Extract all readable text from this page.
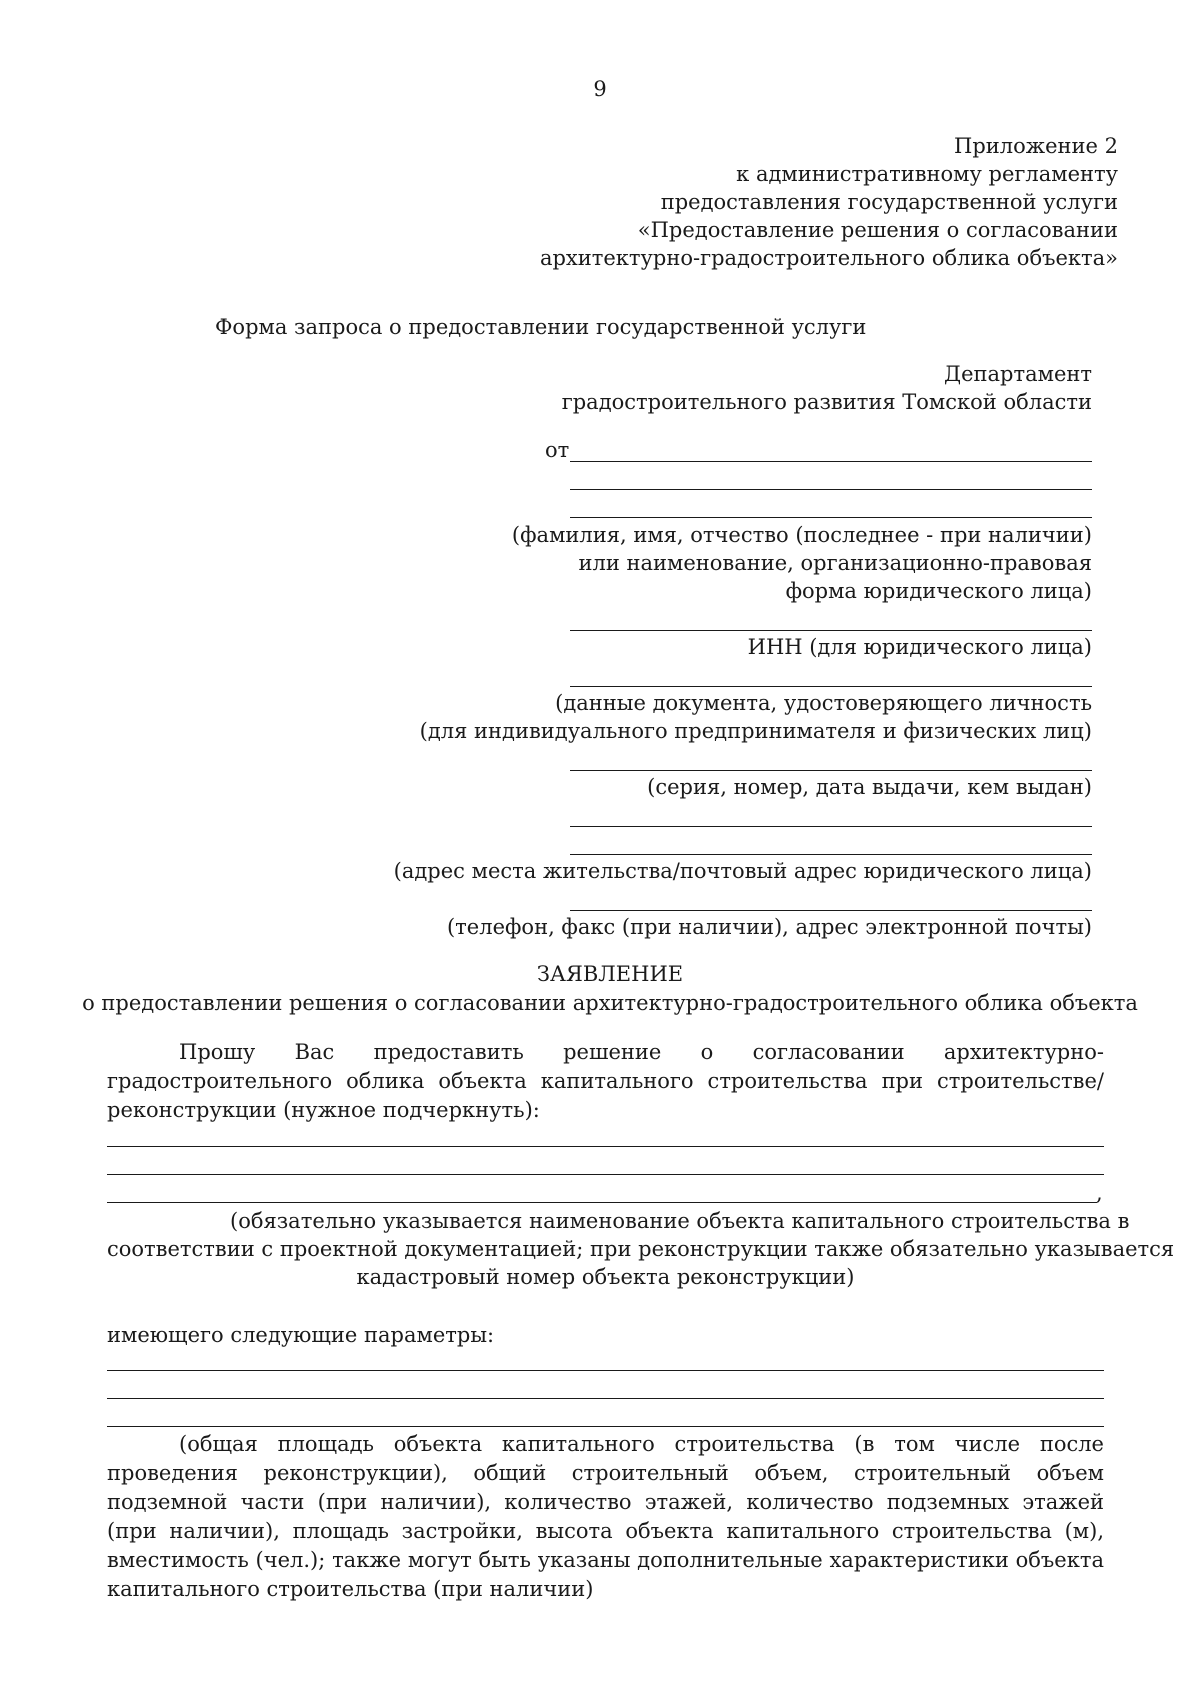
9
Приложение 2
к административному регламенту
предоставления государственной услуги
«Предоставление решения о согласовании
архитектурно-градостроительного облика объекта»
Форма запроса о предоставлении государственной услуги
Департамент
градостроительного развития Томской области
от
(фамилия, имя, отчество (последнее - при наличии)
или наименование, организационно-правовая
форма юридического лица)
ИНН (для юридического лица)
(данные документа, удостоверяющего личность
(для индивидуального предпринимателя и физических лиц)
(серия, номер, дата выдачи, кем выдан)
(адрес места жительства/почтовый адрес юридического лица)
(телефон, факс (при наличии), адрес электронной почты)
ЗАЯВЛЕНИЕ
о предоставлении решения о согласовании архитектурно-градостроительного облика объекта
Прошу Вас предоставить решение о согласовании архитектурно-градостроительного облика объекта капитального строительства при строительстве/реконструкции (нужное подчеркнуть):
,
(обязательно указывается наименование объекта капитального строительства в
соответствии с проектной документацией; при реконструкции также обязательно указывается
кадастровый номер объекта реконструкции)
имеющего следующие параметры:
(общая площадь объекта капитального строительства (в том числе после проведения реконструкции), общий строительный объем, строительный объем подземной части (при наличии), количество этажей, количество подземных этажей (при наличии), площадь застройки, высота объекта капитального строительства (м), вместимость (чел.); также могут быть указаны дополнительные характеристики объекта капитального строительства (при наличии)
